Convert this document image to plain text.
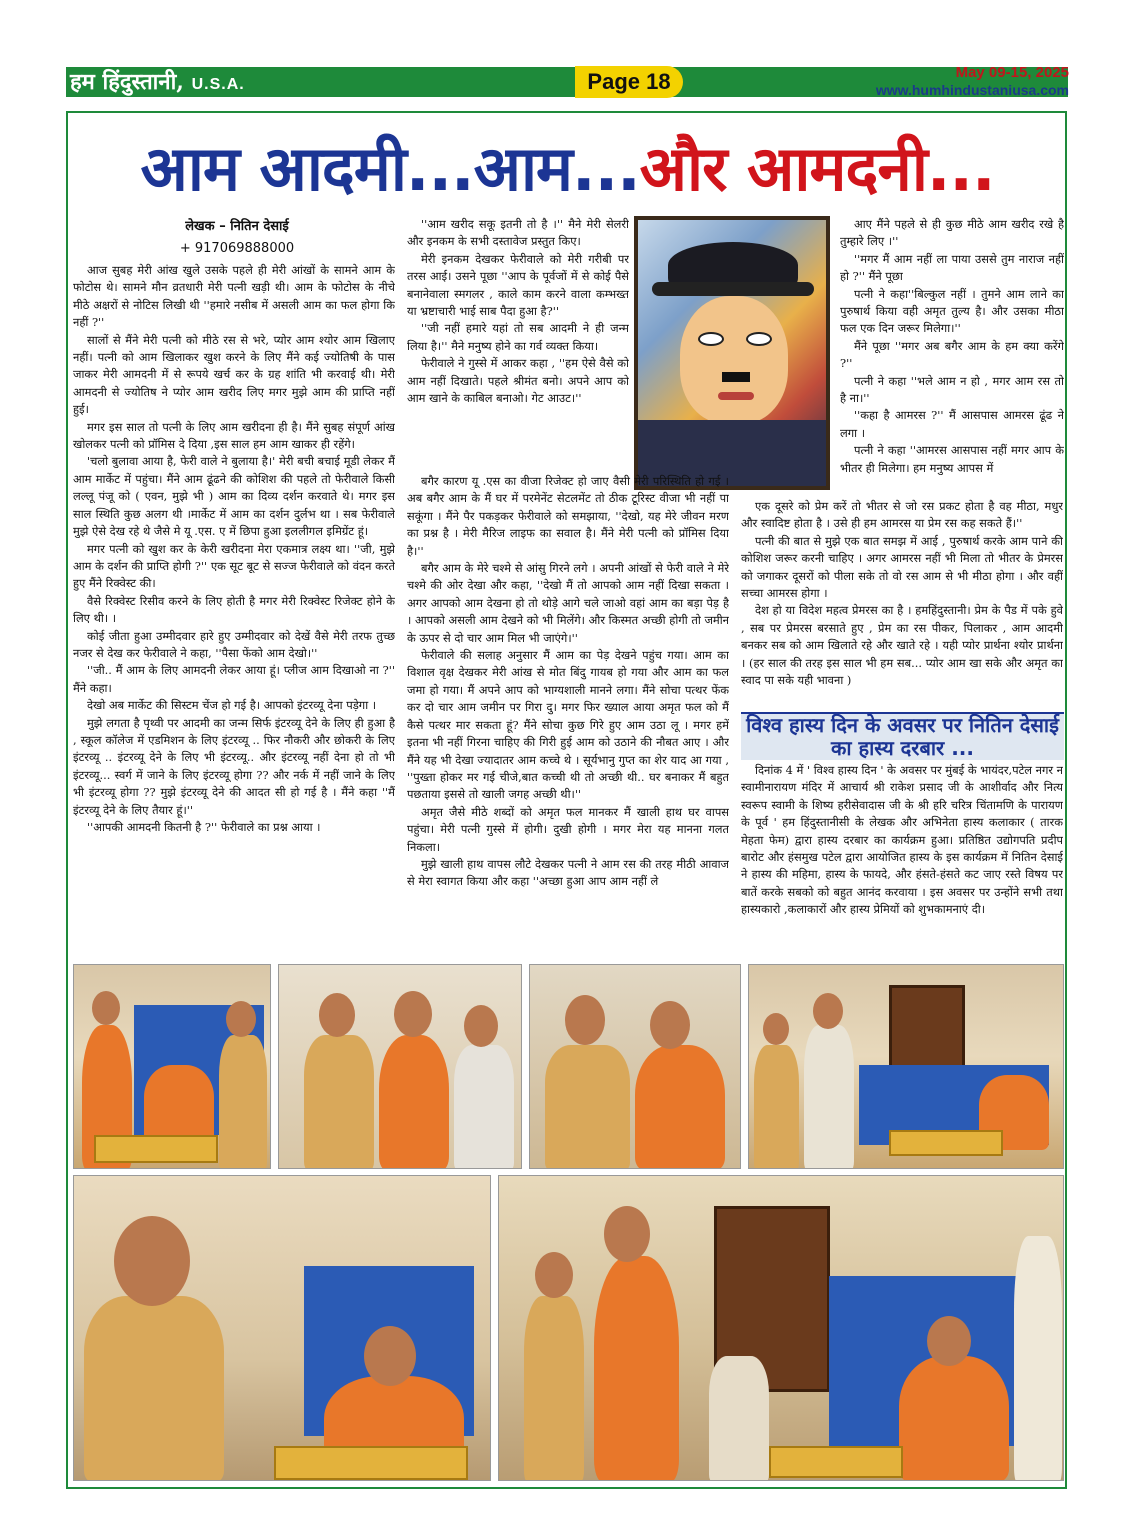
हम हिंदुस्तानी, U.S.A.	Page 18	May 09-15, 2025
www.humhindustaniusa.com
आम आदमी...आम...और आमदनी...
लेखक – नितिन देसाई
+ 917069888000

आज सुबह मेरी आंख खुले उसके पहले ही मेरी आंखों के सामने आम के फोटोस थे। सामने मौन व्रतधारी मेरी पत्नी खड़ी थी। आम के फोटोस के नीचे मीठे अक्षरों से नोटिस लिखी थी ''हमारे नसीब में असली आम का फल होगा कि नहीं ?''

सालों से मैंने मेरी पत्नी को मीठे रस से भरे, प्योर आम श्योर आम खिलाए नहीं। पत्नी को आम खिलाकर खुश करने के लिए मैंने कई ज्योतिषी के पास जाकर मेरी आमदनी में से रूपये खर्च कर के ग्रह शांति भी करवाई थी। मेरी आमदनी से ज्योतिष ने प्योर आम खरीद लिए मगर मुझे आम की प्राप्ति नहीं हुई।

मगर इस साल तो पत्नी के लिए आम खरीदना ही है। मैंने सुबह संपूर्ण आंख खोलकर पत्नी को प्रॉमिस दे दिया ,इस साल हम आम खाकर ही रहेंगे।

'चलो बुलावा आया है, फेरी वाले ने बुलाया है।' मेरी बची बचाई मूडी लेकर मैं आम मार्केट में पहुंचा। मैंने आम ढूंढने की कोशिश की पहले तो फेरीवाले किसी लल्लू पंजू को ( एवन, मुझे भी ) आम का दिव्य दर्शन करवाते थे। मगर इस साल स्थिति कुछ अलग थी ।मार्केट में आम का दर्शन दुर्लभ था । सब फेरीवाले मुझे ऐसे देख रहे थे जैसे मे यू .एस. ए में छिपा हुआ इललीगल इमिग्रेंट हूं।

मगर पत्नी को खुश कर के केरी खरीदना मेरा एकमात्र लक्ष्य था। ''जी, मुझे आम के दर्शन की प्राप्ति होगी ?'' एक सूट बूट से सज्ज फेरीवाले को वंदन करते हुए मैंने रिक्वेस्ट की।

वैसे रिक्वेस्ट रिसीव करने के लिए होती है मगर मेरी रिक्वेस्ट रिजेक्ट होने के लिए थी। ।

कोई जीता हुआ उम्मीदवार हारे हुए उम्मीदवार को देखें वैसे मेरी तरफ तुच्छ नजर से देख कर फेरीवाले ने कहा, ''पैसा फेंको आम देखो।''

''जी.. मैं आम के लिए आमदनी लेकर आया हूं। प्लीज आम दिखाओ ना ?'' मैंने कहा।

देखो अब मार्केट की सिस्टम चेंज हो गई है। आपको इंटरव्यू देना पड़ेगा ।

मुझे लगता है पृथ्वी पर आदमी का जन्म सिर्फ इंटरव्यू देने के लिए ही हुआ है , स्कूल कॉलेज में एडमिशन के लिए इंटरव्यू .. फिर नौकरी और छोकरी के लिए इंटरव्यू .. इंटरव्यू देने के लिए भी इंटरव्यू.. और इंटरव्यू नहीं देना हो तो भी इंटरव्यू... स्वर्ग में जाने के लिए इंटरव्यू होगा ?? और नर्क में नहीं जाने के लिए भी इंटरव्यू होगा ?? मुझे इंटरव्यू देने की आदत सी हो गई है । मैंने कहा ''मैं इंटरव्यू देने के लिए तैयार हूं।''

''आपकी आमदनी कितनी है ?'' फेरीवाले का प्रश्न आया ।

''आम खरीद सकू इतनी तो है ।'' मैने मेरी सेलरी और इनकम के सभी दस्तावेज प्रस्तुत किए।

मेरी इनकम देखकर फेरीवाले को मेरी गरीबी पर तरस आई। उसने पूछा ''आप के पूर्वजों में से कोई पैसे बनानेवाला स्मगलर , काले काम करने वाला कम्भख्त या भ्रष्टाचारी भाई साब पैदा हुआ है?''

''जी नहीं हमारे यहां तो सब आदमी ने ही जन्म लिया है।'' मैने मनुष्य होने का गर्व व्यक्त किया।

फेरीवाले ने गुस्से में आकर कहा , ''हम ऐसे वैसे को आम नहीं दिखाते। पहले श्रीमंत बनो। अपने आप को आम खाने के काबिल बनाओ। गेट आउट।''

बगैर कारण यू .एस का वीजा रिजेक्ट हो जाए वैसी मेरी परिस्थिति हो गई । अब बगैर आम के मैं घर में परमेनेंट सेटलमेंट तो ठीक टूरिस्ट वीजा भी नहीं पा सकूंगा । मैंने पैर पकड़कर फेरीवाले को समझाया, ''देखो, यह मेरे जीवन मरण का प्रश्न है । मेरी मैरिज लाइफ का सवाल है। मैंने मेरी पत्नी को प्रॉमिस दिया है।''

बगैर आम के मेरे चश्मे से आंसु गिरने लगे । अपनी आंखों से फेरी वाले ने मेरे चश्मे की ओर देखा और कहा, ''देखो मैं तो आपको आम नहीं दिखा सकता । अगर आपको आम देखना हो तो थोड़े आगे चले जाओ वहां आम का बड़ा पेड़ है । आपको असली आम देखने को भी मिलेंगे। और किस्मत अच्छी होगी तो जमीन के ऊपर से दो चार आम मिल भी जाएंगे।''

फेरीवाले की सलाह अनुसार मैं आम का पेड़ देखने पहुंच गया। आम का विशाल वृक्ष देखकर मेरी आंख से मोत बिंदु गायब हो गया और आम का फल जमा हो गया। मैं अपने आप को भाग्यशाली मानने लगा। मैंने सोचा पत्थर फेंक कर दो चार आम जमीन पर गिरा दु। मगर फिर ख्याल आया अमृत फल को मैं कैसे पत्थर मार सकता हूं? मैंने सोचा कुछ गिरे हुए आम उठा लू । मगर हमें इतना भी नहीं गिरना चाहिए की गिरी हुई आम को उठाने की नौबत आए । और मैंने यह भी देखा ज्यादातर आम कच्चे थे । सूर्यभानु गुप्त का शेर याद आ गया , ''पुख्ता होकर मर गई चीजे,बात कच्ची थी तो अच्छी थी.. घर बनाकर मैं बहुत पछताया इससे तो खाली जगह अच्छी थी।''

अमृत जैसे मीठे शब्दों को अमृत फल मानकर मैं खाली हाथ घर वापस पहुंचा। मेरी पत्नी गुस्से में होगी। दुखी होगी । मगर मेरा यह मानना गलत निकला।

मुझे खाली हाथ वापस लौटे देखकर पत्नी ने आम रस की तरह मीठी आवाज से मेरा स्वागत किया और कहा ''अच्छा हुआ आप आम नहीं ले

आए मैंने पहले से ही कुछ मीठे आम खरीद रखे है तुम्हारे लिए ।''

''मगर मैं आम नहीं ला पाया उससे तुम नाराज नहीं हो ?'' मैंने पूछा

पत्नी ने कहा''बिल्कुल नहीं । तुमने आम लाने का पुरुषार्थ किया वही अमृत तुल्य है। और उसका मीठा फल एक दिन जरूर मिलेगा।''

मैंने पूछा ''मगर अब बगैर आम के हम क्या करेंगे ?''

पत्नी ने कहा ''भले आम न हो , मगर आम रस तो है ना।''

''कहा है आमरस ?'' मैं आसपास आमरस ढूंढ ने लगा ।

पत्नी ने कहा ''आमरस आसपास नहीं मगर आप के भीतर ही मिलेगा। हम मनुष्य आपस में

एक दूसरे को प्रेम करें तो भीतर से जो रस प्रकट होता है वह मीठा, मधुर और स्वादिष्ट होता है । उसे ही हम आमरस या प्रेम रस कह सकते हैं।''

पत्नी की बात से मुझे एक बात समझ में आई , पुरुषार्थ करके आम पाने की कोशिश जरूर करनी चाहिए । अगर आमरस नहीं भी मिला तो भीतर के प्रेमरस को जगाकर दूसरों को पीला सके तो वो रस आम से भी मीठा होगा । और वहीं सच्चा आमरस होगा ।

देश हो या विदेश महत्व प्रेमरस का है । हमहिंदुस्तानी। प्रेम के पैड में पके हुवे , सब पर प्रेमरस बरसाते हुए , प्रेम का रस पीकर, पिलाकर , आम आदमी बनकर सब को आम खिलाते रहे और खाते रहे । यही प्योर प्रार्थना श्योर प्रार्थना । (हर साल की तरह इस साल भी हम सब... प्योर आम खा सके और अमृत का स्वाद पा सके यही भावना )

विश्व हास्य दिन के अवसर पर नितिन देसाई का हास्य दरबार ...

दिनांक 4 में ' विश्व हास्य दिन ' के अवसर पर मुंबई के भायंदर,पटेल नगर न स्वामीनारायण मंदिर में आचार्य श्री राकेश प्रसाद जी के आशीर्वाद और नित्य स्वरूप स्वामी के शिष्य हरीसेवादास जी के श्री हरि चरित्र चिंतामणि के पारायण के पूर्व ' हम हिंदुस्तानीसी के लेखक और अभिनेता हास्य कलाकार ( तारक मेहता फेम) द्वारा हास्य दरबार का कार्यक्रम हुआ। प्रतिष्ठित उद्योगपति प्रदीप बारोट और हंसमुख पटेल द्वारा आयोजित हास्य के इस कार्यक्रम में नितिन देसाई ने हास्य की महिमा, हास्य के फायदे, और हंसते-हंसते कट जाए रस्ते विषय पर बातें करके सबको को बहुत आनंद करवाया । इस अवसर पर उन्होंने सभी तथा हास्यकारो ,कलाकारों और हास्य प्रेमियों को शुभकामनाएं दी।
